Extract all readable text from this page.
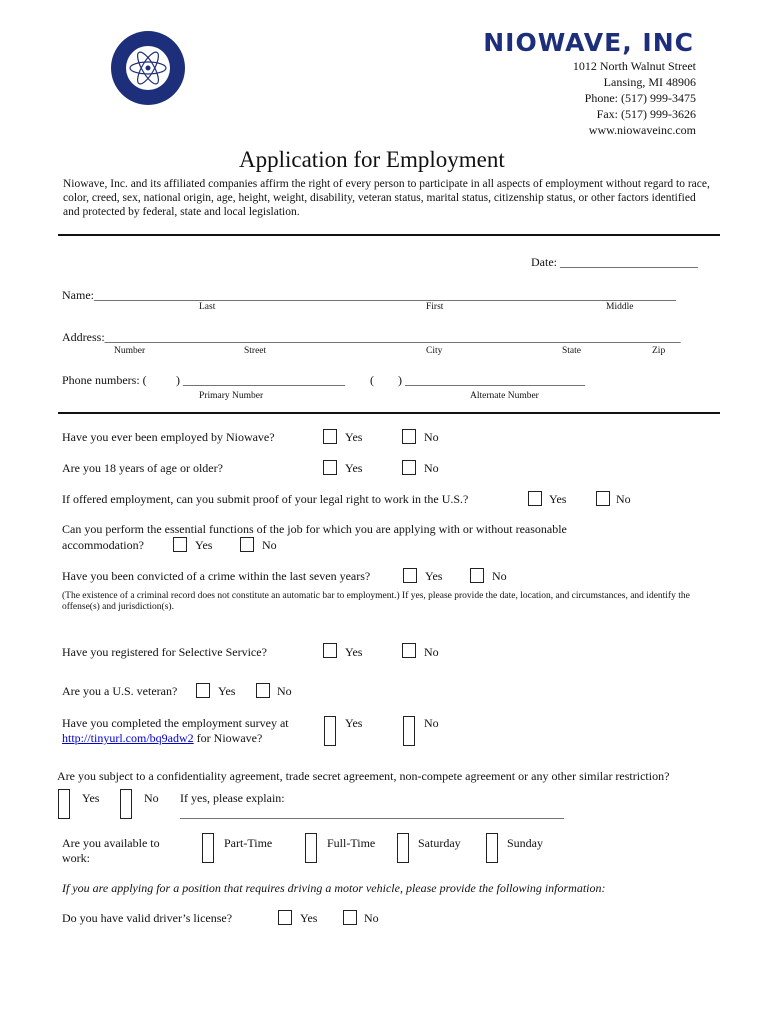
NIOWAVE, INC
1012 North Walnut Street
Lansing, MI 48906
Phone: (517) 999-3475
Fax: (517) 999-3626
www.niowaveinc.com
Application for Employment
Niowave, Inc. and its affiliated companies affirm the right of every person to participate in all aspects of employment without regard to race, color, creed, sex, national origin, age, height, weight, disability, veteran status, marital status, citizenship status, or other factors identified and protected by federal, state and local legislation.
Date: _______________________
Name:_________________________________________________________________________________________________
Last	First	Middle
Address:________________________________________________________________________________________________
Number	Street	City	State	Zip
Phone numbers: ( ) ___________________________ ( ) ______________________________
Primary Number	Alternate Number
Have you ever been employed by Niowave?	Yes	No
Are you 18 years of age or older?	Yes	No
If offered employment, can you submit proof of your legal right to work in the U.S.?	Yes	No
Can you perform the essential functions of the job for which you are applying with or without reasonable
accommodation?	Yes	No
Have you been convicted of a crime within the last seven years?	Yes	No
(The existence of a criminal record does not constitute an automatic bar to employment.) If yes, please provide the date, location, and circumstances, and identify the offense(s) and jurisdiction(s).
Have you registered for Selective Service?	Yes	No
Are you a U.S. veteran?	Yes	No
Have you completed the employment survey at
http://tinyurl.com/bq9adw2 for Niowave?
Yes	No
Are you subject to a confidentiality agreement, trade secret agreement, non-compete agreement or any other similar restriction?
Yes	No If yes, please explain:
________________________________________________________________
Are you available to
work:
Part-Time	Full-Time	Saturday	Sunday
If you are applying for a position that requires driving a motor vehicle, please provide the following information:
Do you have valid driver’s license?	Yes	No
